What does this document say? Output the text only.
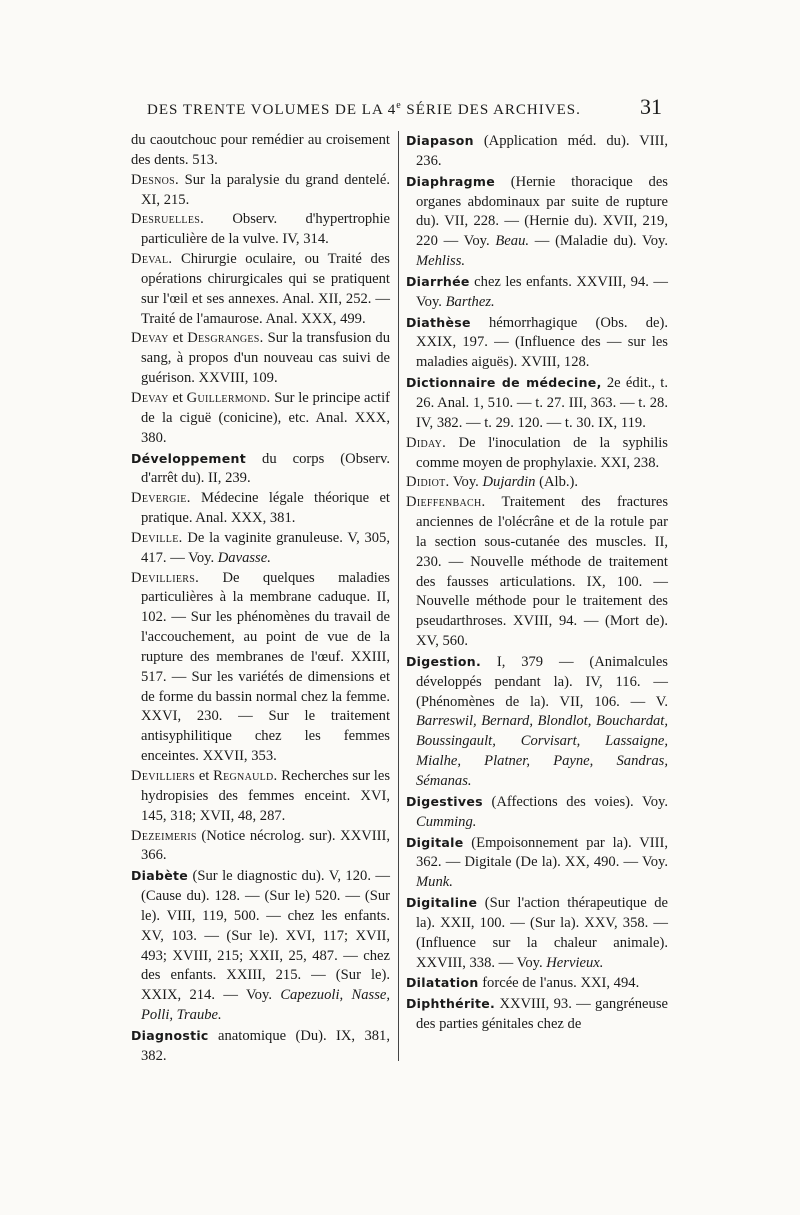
DES TRENTE VOLUMES DE LA 4e SÉRIE DES ARCHIVES.	31

du caoutchouc pour remédier au croisement des dents. 513.

Desnos. Sur la paralysie du grand dentelé. XI, 215.

Desruelles. Observ. d'hypertrophie particulière de la vulve. IV, 314.

Deval. Chirurgie oculaire, ou Traité des opérations chirurgicales qui se pratiquent sur l'œil et ses annexes. Anal. XII, 252. — Traité de l'amaurose. Anal. XXX, 499.

Devay et Desgranges. Sur la transfusion du sang, à propos d'un nouveau cas suivi de guérison. XXVIII, 109.

Devay et Guillermond. Sur le principe actif de la ciguë (conicine), etc. Anal. XXX, 380.

Développement du corps (Observ. d'arrêt du). II, 239.

Devergie. Médecine légale théorique et pratique. Anal. XXX, 381.

Deville. De la vaginite granuleuse. V, 305, 417. — Voy. Davasse.

Devilliers. De quelques maladies particulières à la membrane caduque. II, 102. — Sur les phénomènes du travail de l'accouchement, au point de vue de la rupture des membranes de l'œuf. XXIII, 517. — Sur les variétés de dimensions et de forme du bassin normal chez la femme. XXVI, 230. — Sur le traitement antisyphilitique chez les femmes enceintes. XXVII, 353.

Devilliers et Regnauld. Recherches sur les hydropisies des femmes enceint. XVI, 145, 318; XVII, 48, 287.

Dezeimeris (Notice nécrolog. sur). XXVIII, 366.

Diabète (Sur le diagnostic du). V, 120. — (Cause du). 128. — (Sur le) 520. — (Sur le). VIII, 119, 500. — chez les enfants. XV, 103. — (Sur le). XVI, 117; XVII, 493; XVIII, 215; XXII, 25, 487. — chez des enfants. XXIII, 215. — (Sur le). XXIX, 214. — Voy. Capezuoli, Nasse, Polli, Traube.

Diagnostic anatomique (Du). IX, 381, 382.

Diapason (Application méd. du). VIII, 236.

Diaphragme (Hernie thoracique des organes abdominaux par suite de rupture du). VII, 228. — (Hernie du). XVII, 219, 220 — Voy. Beau. — (Maladie du). Voy. Mehliss.

Diarrhée chez les enfants. XXVIII, 94. — Voy. Barthez.

Diathèse hémorrhagique (Obs. de). XXIX, 197. — (Influence des — sur les maladies aiguës). XVIII, 128.

Dictionnaire de médecine, 2e édit., t. 26. Anal. 1, 510. — t. 27. III, 363. — t. 28. IV, 382. — t. 29. 120. — t. 30. IX, 119.

Diday. De l'inoculation de la syphilis comme moyen de prophylaxie. XXI, 238.

Didiot. Voy. Dujardin (Alb.).

Dieffenbach. Traitement des fractures anciennes de l'olécrâne et de la rotule par la section sous-cutanée des muscles. II, 230. — Nouvelle méthode de traitement des fausses articulations. IX, 100. — Nouvelle méthode pour le traitement des pseudarthroses. XVIII, 94. — (Mort de). XV, 560.

Digestion. I, 379 — (Animalcules développés pendant la). IV, 116. — (Phénomènes de la). VII, 106. — V. Barreswil, Bernard, Blondlot, Bouchardat, Boussingault, Corvisart, Lassaigne, Mialhe, Platner, Payne, Sandras, Sémanas.

Digestives (Affections des voies). Voy. Cumming.

Digitale (Empoisonnement par la). VIII, 362. — Digitale (De la). XX, 490. — Voy. Munk.

Digitaline (Sur l'action thérapeutique de la). XXII, 100. — (Sur la). XXV, 358. — (Influence sur la chaleur animale). XXVIII, 338. — Voy. Hervieux.

Dilatation forcée de l'anus. XXI, 494.

Diphthérite. XXVIII, 93. — gangréneuse des parties génitales chez de
